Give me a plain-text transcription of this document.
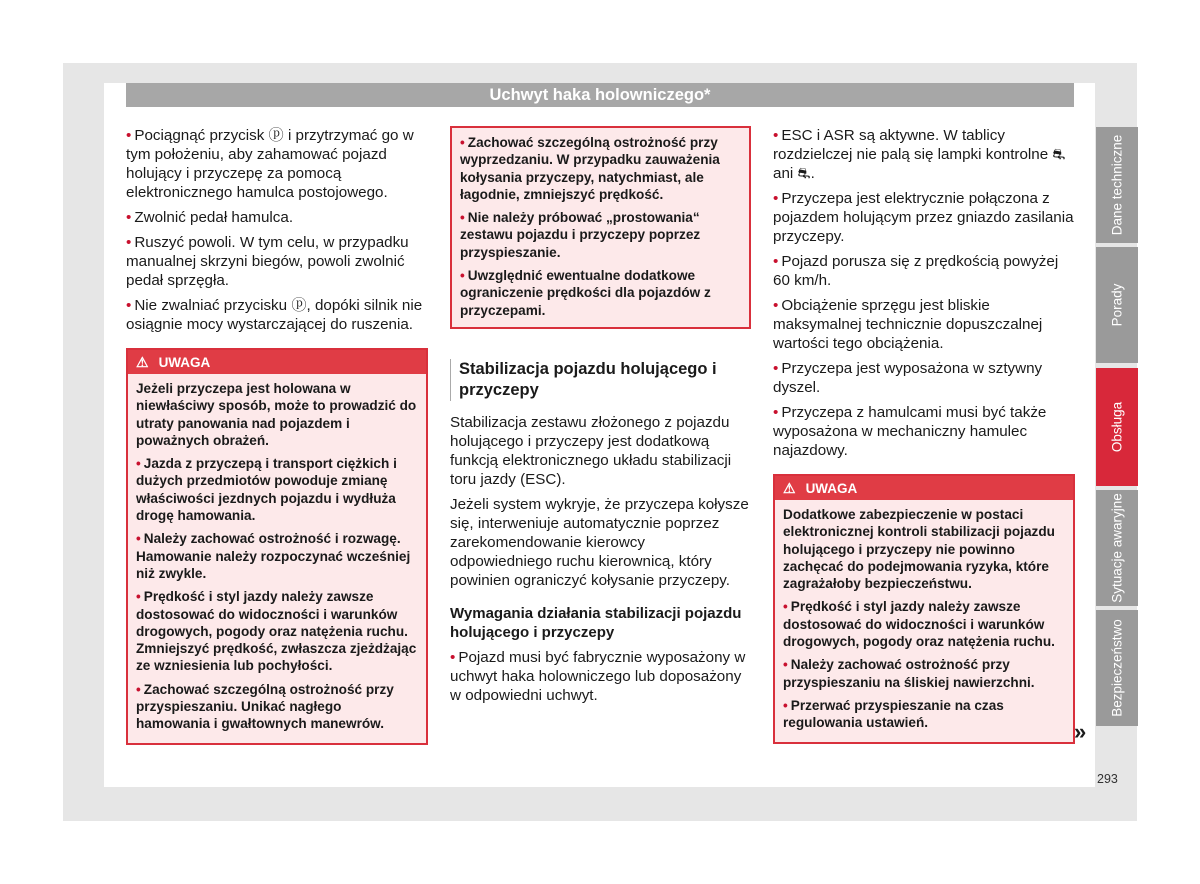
Uchwyt haka holowniczego*

• Pociągnąć przycisk ⓟ i przytrzymać go w tym położeniu, aby zahamować pojazd holujący i przyczepę za pomocą elektronicznego hamulca postojowego.

• Zwolnić pedał hamulca.

• Ruszyć powoli. W tym celu, w przypadku manualnej skrzyni biegów, powoli zwolnić pedał sprzęgła.

• Nie zwalniać przycisku ⓟ, dopóki silnik nie osiągnie mocy wystarczającej do ruszenia.

⚠ UWAGA

Jeżeli przyczepa jest holowana w niewłaściwy sposób, może to prowadzić do utraty panowania nad pojazdem i poważnych obrażeń.

• Jazda z przyczepą i transport ciężkich i dużych przedmiotów powoduje zmianę właściwości jezdnych pojazdu i wydłuża drogę hamowania.

• Należy zachować ostrożność i rozwagę. Hamowanie należy rozpoczynać wcześniej niż zwykle.

• Prędkość i styl jazdy należy zawsze dostosować do widoczności i warunków drogowych, pogody oraz natężenia ruchu. Zmniejszyć prędkość, zwłaszcza zjeżdżając ze wzniesienia lub pochyłości.

• Zachować szczególną ostrożność przy przyspieszaniu. Unikać nagłego hamowania i gwałtownych manewrów.

• Zachować szczególną ostrożność przy wyprzedzaniu. W przypadku zauważenia kołysania przyczepy, natychmiast, ale łagodnie, zmniejszyć prędkość.

• Nie należy próbować „prostowania“ zestawu pojazdu i przyczepy poprzez przyspieszanie.

• Uwzględnić ewentualne dodatkowe ograniczenie prędkości dla pojazdów z przyczepami.

Stabilizacja pojazdu holującego i przyczepy

Stabilizacja zestawu złożonego z pojazdu holującego i przyczepy jest dodatkową funkcją elektronicznego układu stabilizacji toru jazdy (ESC).

Jeżeli system wykryje, że przyczepa kołysze się, interweniuje automatycznie poprzez zarekomendowanie kierowcy odpowiedniego ruchu kierownicą, który powinien ograniczyć kołysanie przyczepy.

Wymagania działania stabilizacji pojazdu holującego i przyczepy

• Pojazd musi być fabrycznie wyposażony w uchwyt haka holowniczego lub doposażony w odpowiedni uchwyt.

• ESC i ASR są aktywne. W tablicy rozdzielczej nie palą się lampki kontrolne ⛐ ani ⛐.

• Przyczepa jest elektrycznie połączona z pojazdem holującym przez gniazdo zasilania przyczepy.

• Pojazd porusza się z prędkością powyżej 60 km/h.

• Obciążenie sprzęgu jest bliskie maksymalnej technicznie dopuszczalnej wartości tego obciążenia.

• Przyczepa jest wyposażona w sztywny dyszel.

• Przyczepa z hamulcami musi być także wyposażona w mechaniczny hamulec najazdowy.

⚠ UWAGA

Dodatkowe zabezpieczenie w postaci elektronicznej kontroli stabilizacji pojazdu holującego i przyczepy nie powinno zachęcać do podejmowania ryzyka, które zagrażałoby bezpieczeństwu.

• Prędkość i styl jazdy należy zawsze dostosować do widoczności i warunków drogowych, pogody oraz natężenia ruchu.

• Należy zachować ostrożność przy przyspieszaniu na śliskiej nawierzchni.

• Przerwać przyspieszanie na czas regulowania ustawień.	»
Dane techniczne
Porady
Obsługa
Sytuacje awaryjne
Bezpieczeństwo
293
